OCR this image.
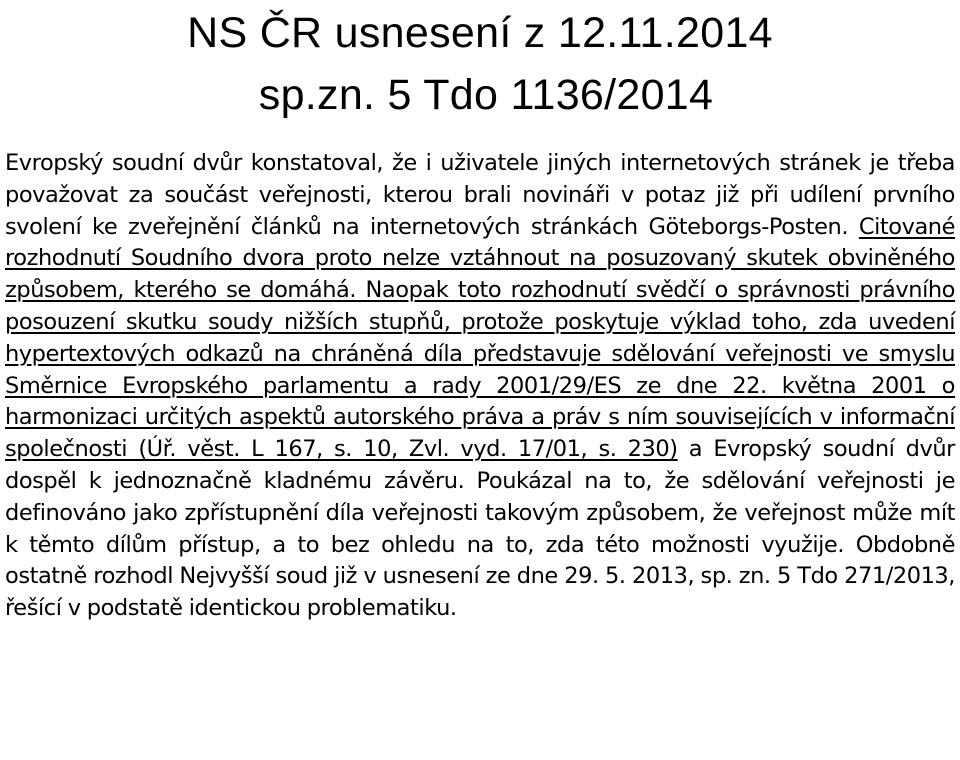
NS ČR usnesení z 12.11.2014
sp.zn. 5 Tdo 1136/2014
Evropský soudní dvůr konstatoval, že i uživatele jiných internetových stránek je třeba považovat za součást veřejnosti, kterou brali novináři v potaz již při udílení prvního svolení ke zveřejnění článků na internetových stránkách Göteborgs-Posten. Citované rozhodnutí Soudního dvora proto nelze vztáhnout na posuzovaný skutek obviněného způsobem, kterého se domáhá. Naopak toto rozhodnutí svědčí o správnosti právního posouzení skutku soudy nižších stupňů, protože poskytuje výklad toho, zda uvedení hypertextových odkazů na chráněná díla představuje sdělování veřejnosti ve smyslu Směrnice Evropského parlamentu a rady 2001/29/ES ze dne 22. května 2001 o harmonizaci určitých aspektů autorského práva a práv s ním souvisejících v informační společnosti (Úř. věst. L 167, s. 10, Zvl. vyd. 17/01, s. 230) a Evropský soudní dvůr dospěl k jednoznačně kladnému závěru. Poukázal na to, že sdělování veřejnosti je definováno jako zpřístupnění díla veřejnosti takovým způsobem, že veřejnost může mít k těmto dílům přístup, a to bez ohledu na to, zda této možnosti využije. Obdobně ostatně rozhodl Nejvyšší soud již v usnesení ze dne 29. 5. 2013, sp. zn. 5 Tdo 271/2013, řešící v podstatě identickou problematiku.
